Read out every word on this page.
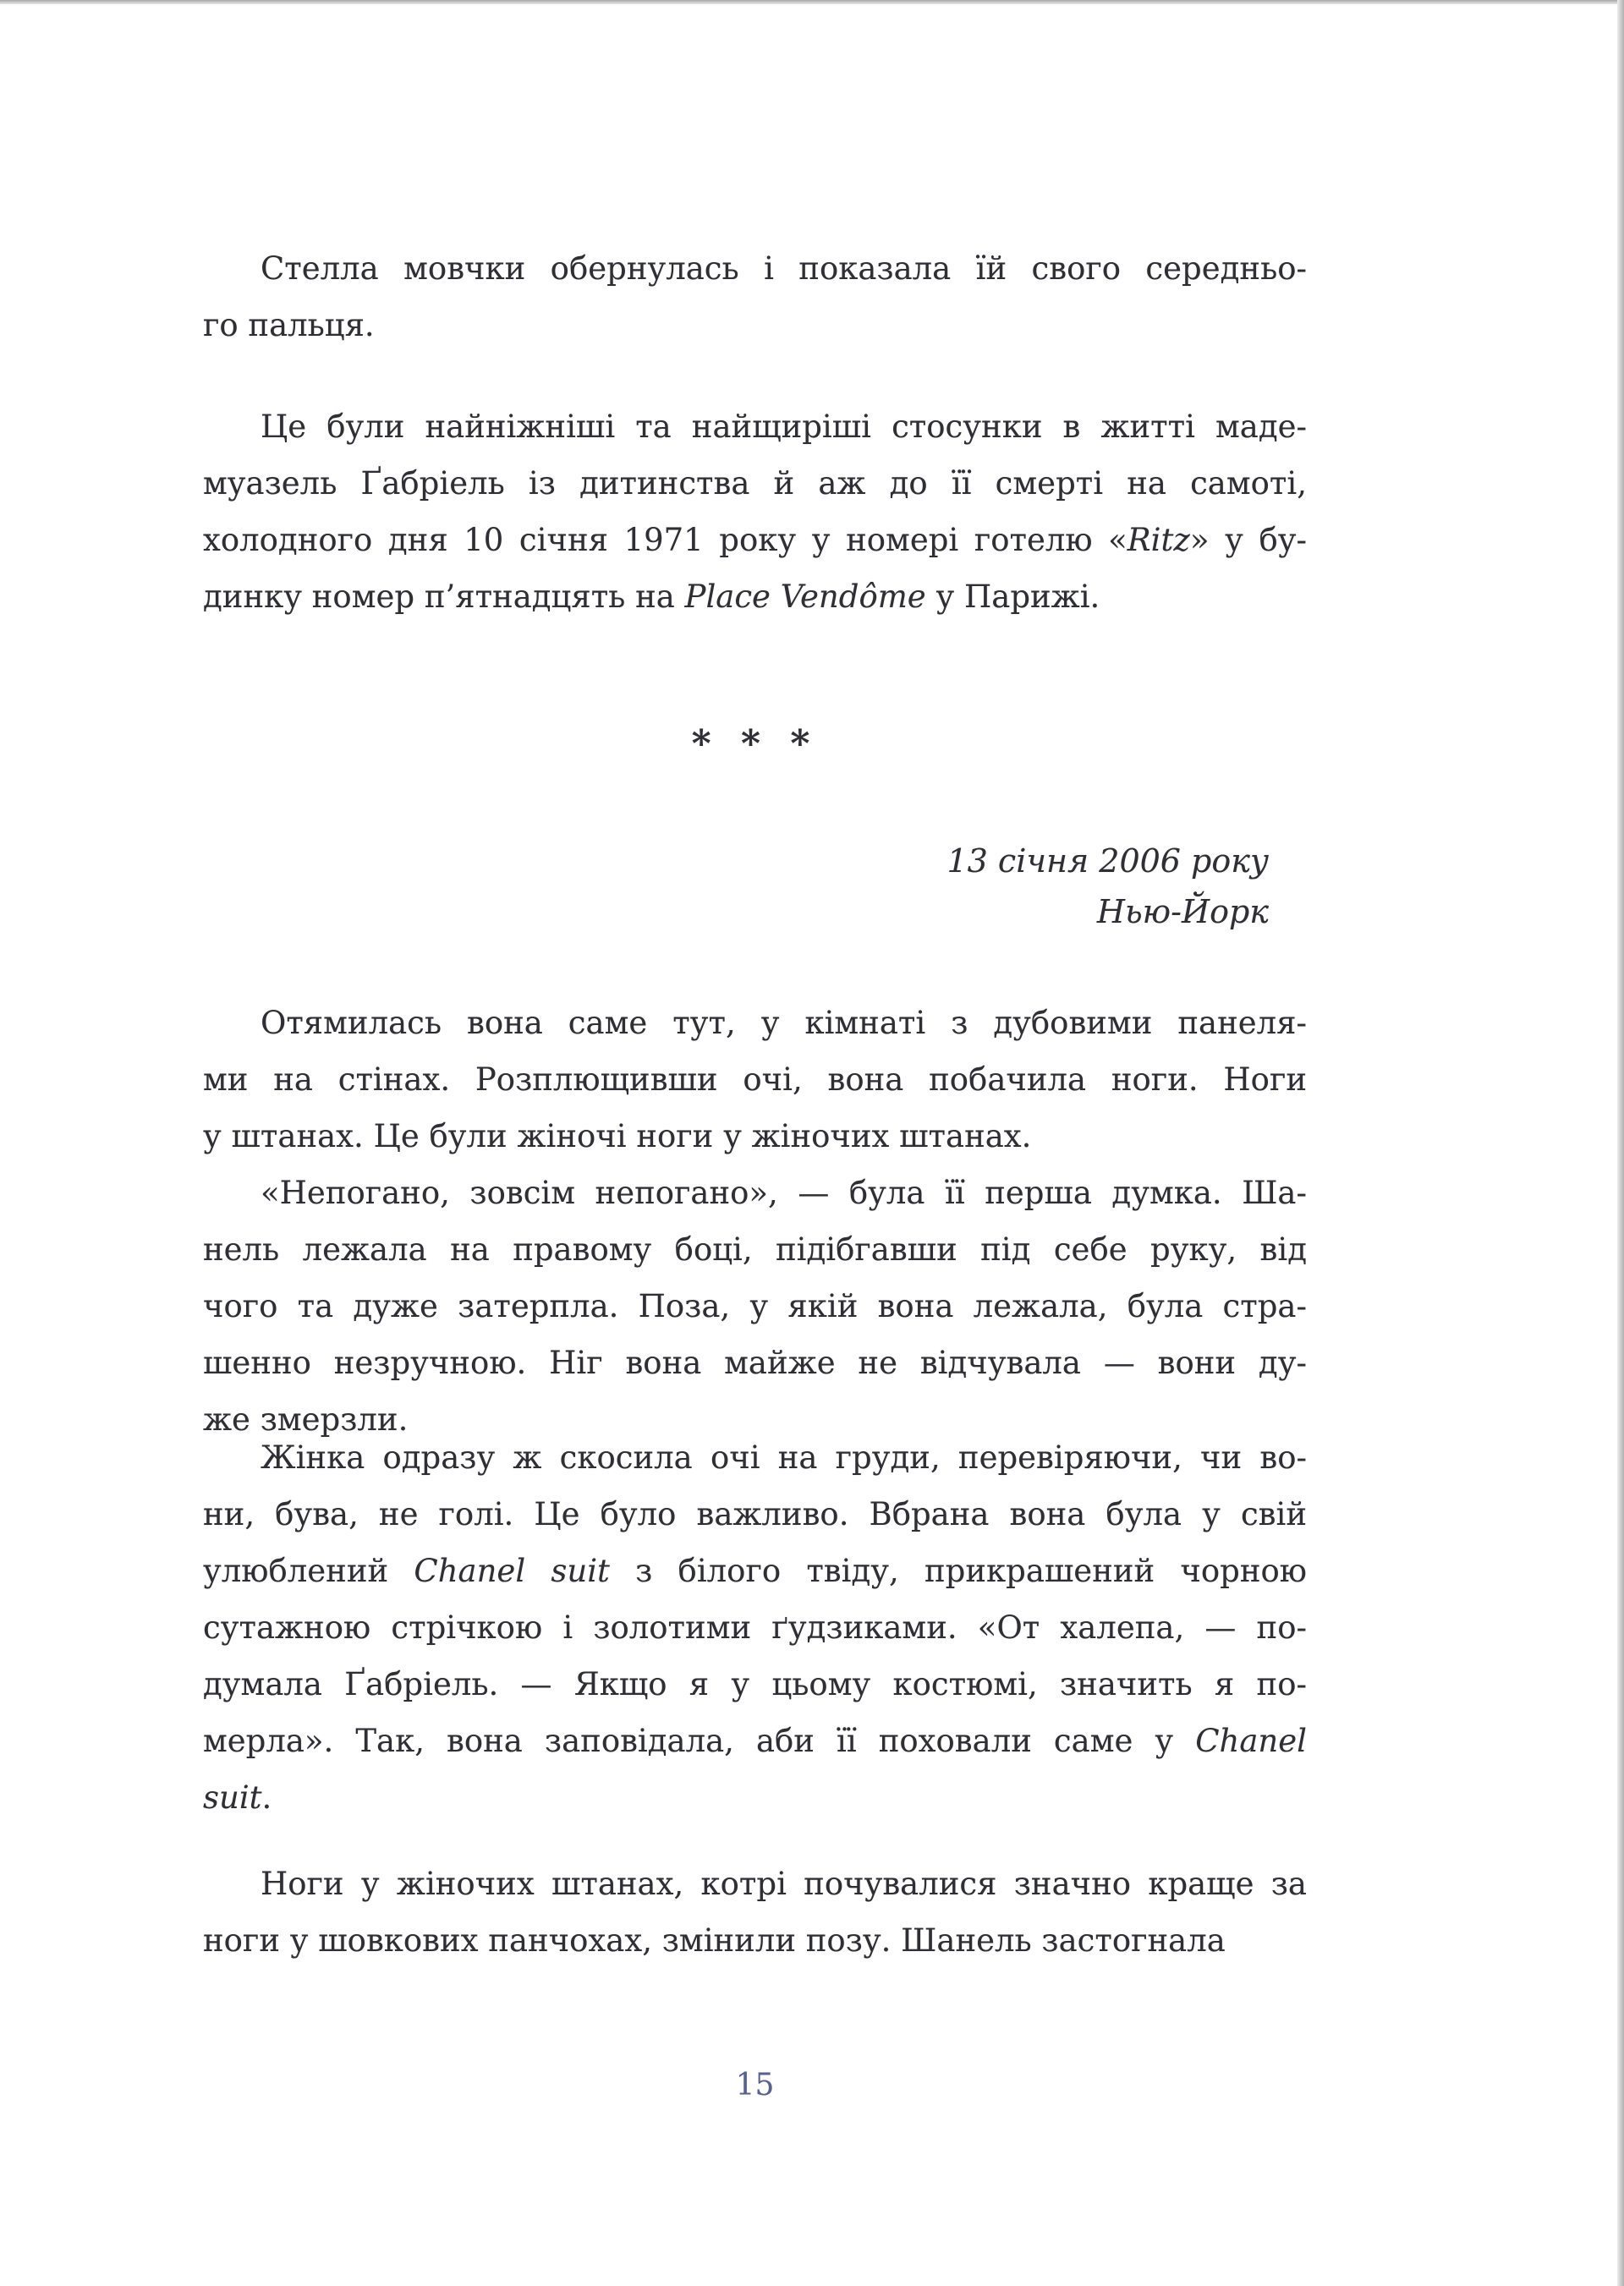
Стелла мовчки обернулась і показала їй свого середньо-
го пальця.
Це були найніжніші та найщиріші стосунки в житті маде-
муазель Ґабріель із дитинства й аж до її смерті на самоті,
холодного дня 10 січня 1971 року у номері готелю «Ritz» у бу-
динку номер п’ятнадцять на Place Vendôme у Парижі.
* * *
13 січня 2006 року
Нью-Йорк
Отямилась вона саме тут, у кімнаті з дубовими панеля-
ми на стінах. Розплющивши очі, вона побачила ноги. Ноги
у штанах. Це були жіночі ноги у жіночих штанах.
«Непогано, зовсім непогано», — була її перша думка. Ша-
нель лежала на правому боці, підібгавши під себе руку, від
чого та дуже затерпла. Поза, у якій вона лежала, була стра-
шенно незручною. Ніг вона майже не відчувала — вони ду-
же змерзли.
Жінка одразу ж скосила очі на груди, перевіряючи, чи во-
ни, бува, не голі. Це було важливо. Вбрана вона була у свій
улюблений Chanel suit з білого твіду, прикрашений чорною
сутажною стрічкою і золотими ґудзиками. «От халепа, — по-
думала Ґабріель. — Якщо я у цьому костюмі, значить я по-
мерла». Так, вона заповідала, аби її поховали саме у Chanel
suit.
Ноги у жіночих штанах, котрі почувалися значно краще за
ноги у шовкових панчохах, змінили позу. Шанель застогнала
15
